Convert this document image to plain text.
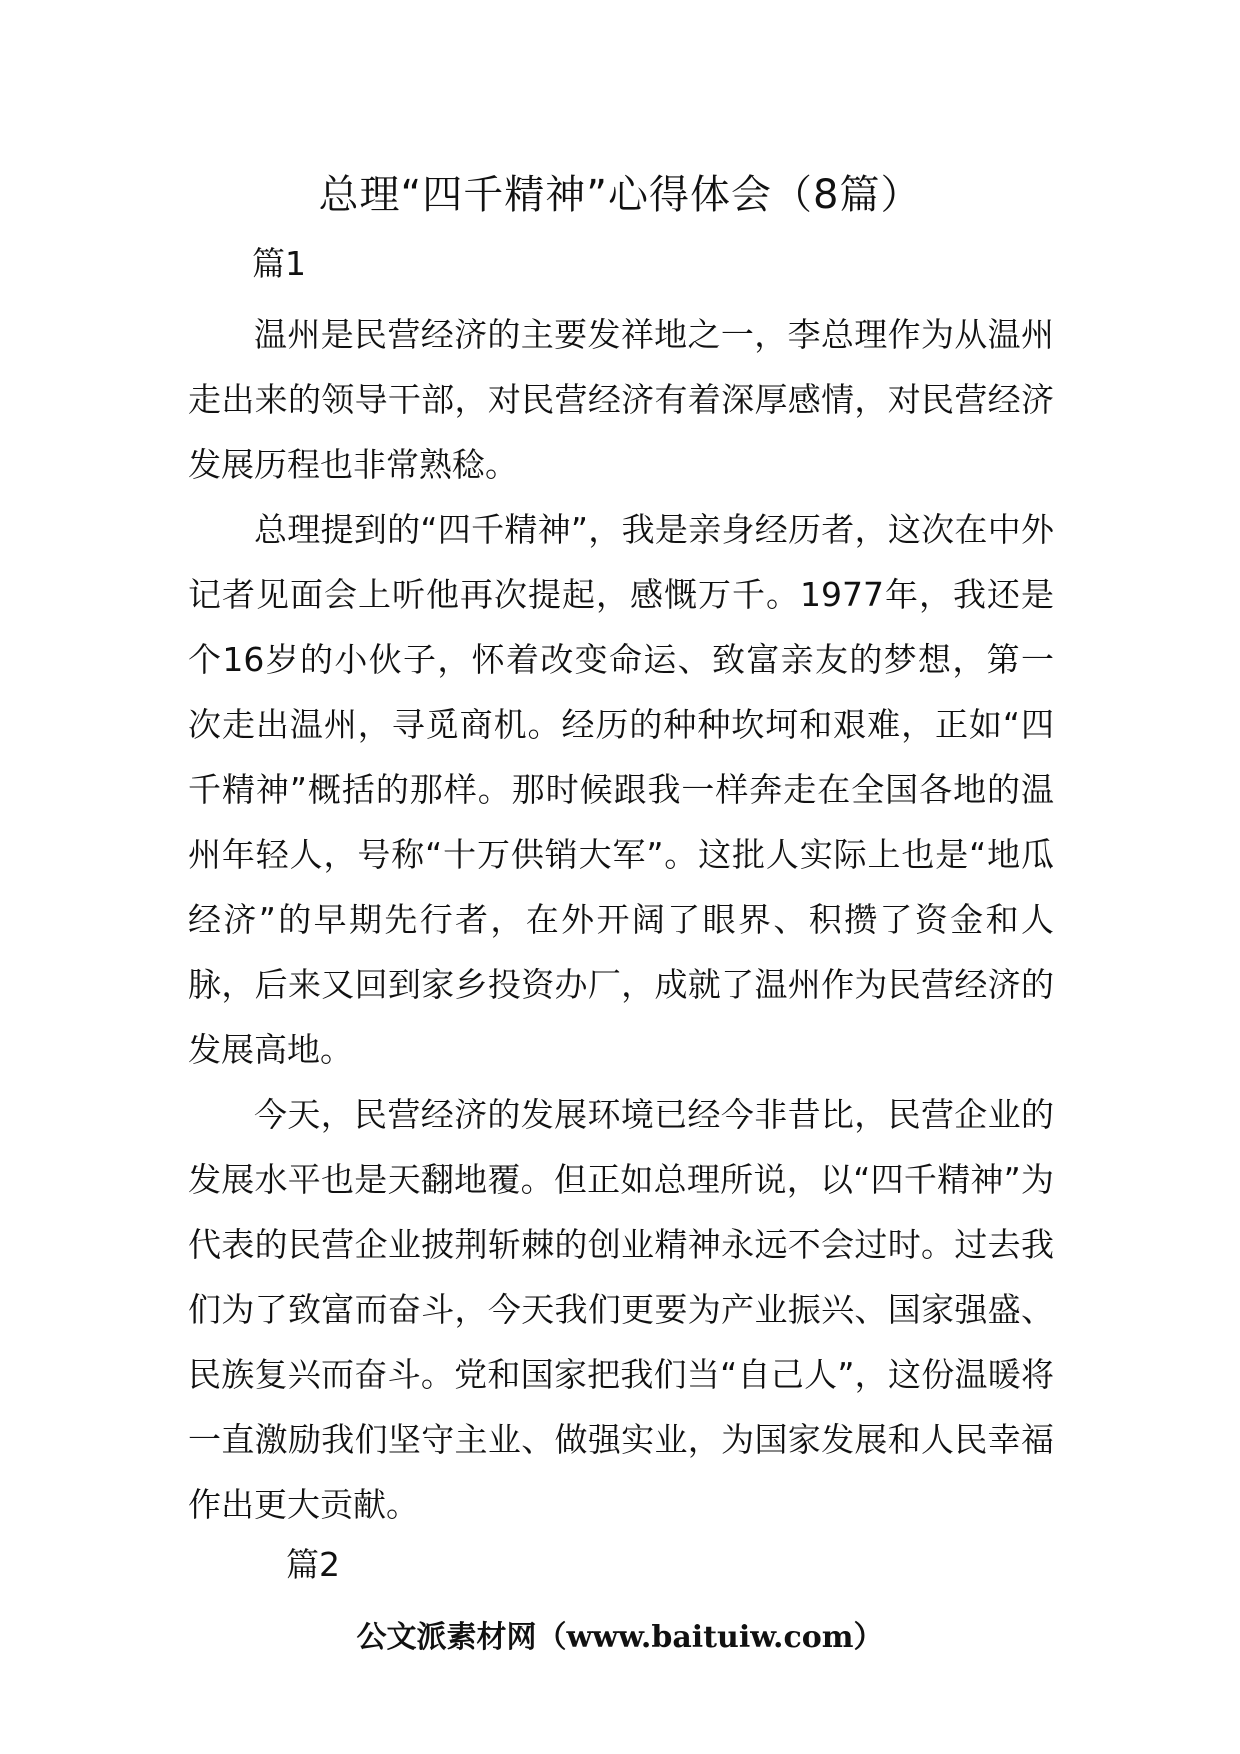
总理“四千精神”心得体会（8篇）
篇1

温州是民营经济的主要发祥地之一，李总理作为从温州走出来的领导干部，对民营经济有着深厚感情，对民营经济发展历程也非常熟稔。

总理提到的“四千精神”，我是亲身经历者，这次在中外记者见面会上听他再次提起，感慨万千。1977年，我还是个16岁的小伙子，怀着改变命运、致富亲友的梦想，第一次走出温州，寻觅商机。经历的种种坎坷和艰难，正如“四千精神”概括的那样。那时候跟我一样奔走在全国各地的温州年轻人，号称“十万供销大军”。这批人实际上也是“地瓜经济”的早期先行者，在外开阔了眼界、积攒了资金和人脉，后来又回到家乡投资办厂，成就了温州作为民营经济的发展高地。

今天，民营经济的发展环境已经今非昔比，民营企业的发展水平也是天翻地覆。但正如总理所说，以“四千精神”为代表的民营企业披荆斩棘的创业精神永远不会过时。过去我们为了致富而奋斗，今天我们更要为产业振兴、国家强盛、民族复兴而奋斗。党和国家把我们当“自己人”，这份温暖将一直激励我们坚守主业、做强实业，为国家发展和人民幸福作出更大贡献。

篇2
公文派素材网（www.baituiw.com）
